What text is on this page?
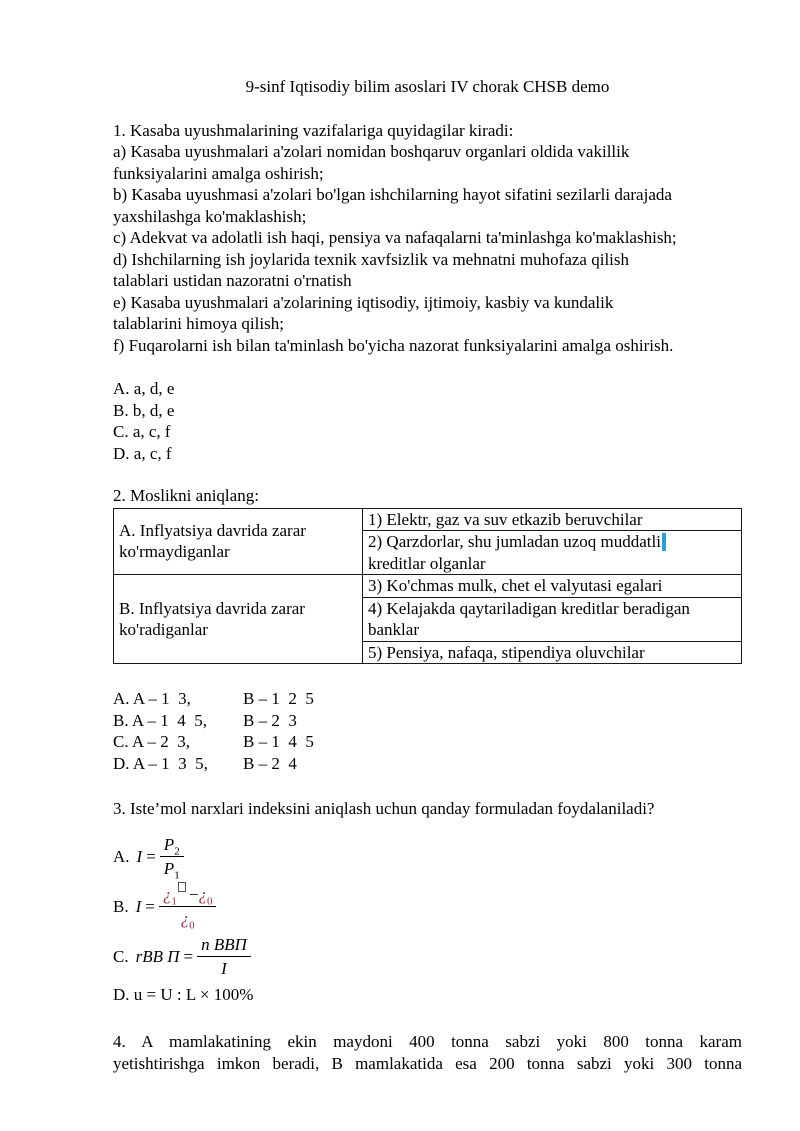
9-sinf Iqtisodiy bilim asoslari IV chorak CHSB demo
1. Kasaba uyushmalarining vazifalariga quyidagilar kiradi:
a) Kasaba uyushmalari a'zolari nomidan boshqaruv organlari oldida vakillik
funksiyalarini amalga oshirish;
b) Kasaba uyushmasi a'zolari bo'lgan ishchilarning hayot sifatini sezilarli darajada
yaxshilashga ko'maklashish;
c) Adekvat va adolatli ish haqi, pensiya va nafaqalarni ta'minlashga ko'maklashish;
d) Ishchilarning ish joylarida texnik xavfsizlik va mehnatni muhofaza qilish
talablari ustidan nazoratni o'rnatish
e) Kasaba uyushmalari a'zolarining iqtisodiy, ijtimoiy, kasbiy va kundalik
talablarini himoya qilish;
f) Fuqarolarni ish bilan ta'minlash bo'yicha nazorat funksiyalarini amalga oshirish.
A. a, d, e
B. b, d, e
C. a, c, f
D. a, c, f
2. Moslikni aniqlang:
A. Inflyatsiya davrida zarar
ko'rmaydiganlar	1) Elektr, gaz va suv etkazib beruvchilar

	2) Qarzdorlar, shu jumladan uzoq muddatli
kreditlar olganlar

B. Inflyatsiya davrida zarar
ko'radiganlar	3) Ko'chmas mulk, chet el valyutasi egalari

	4) Kelajakda qaytariladigan kreditlar beradigan
banklar

	5) Pensiya, nafaqa, stipendiya oluvchilar
A. A – 1  3,	B – 1  2  5
B. A – 1  4  5, B – 2  3
C. A – 2  3,	B – 1  4  5
D. A – 1  3  5, B – 2  4
3. Iste’mol narxlari indeksini aniqlash uchun qanday formuladan foydalaniladi?
A. $I = \frac{P_2}{P_1}$
B. $I = \frac{¿_1 -¿_0}{¿_0}$
C. rВВ $П = \frac{\text{n ВВП}}{I}$
D. u = U : L × 100%
4. A mamlakatining ekin maydoni 400 tonna sabzi yoki 800 tonna karam
yetishtirishga imkon beradi, B mamlakatida esa 200 tonna sabzi yoki 300 tonna
